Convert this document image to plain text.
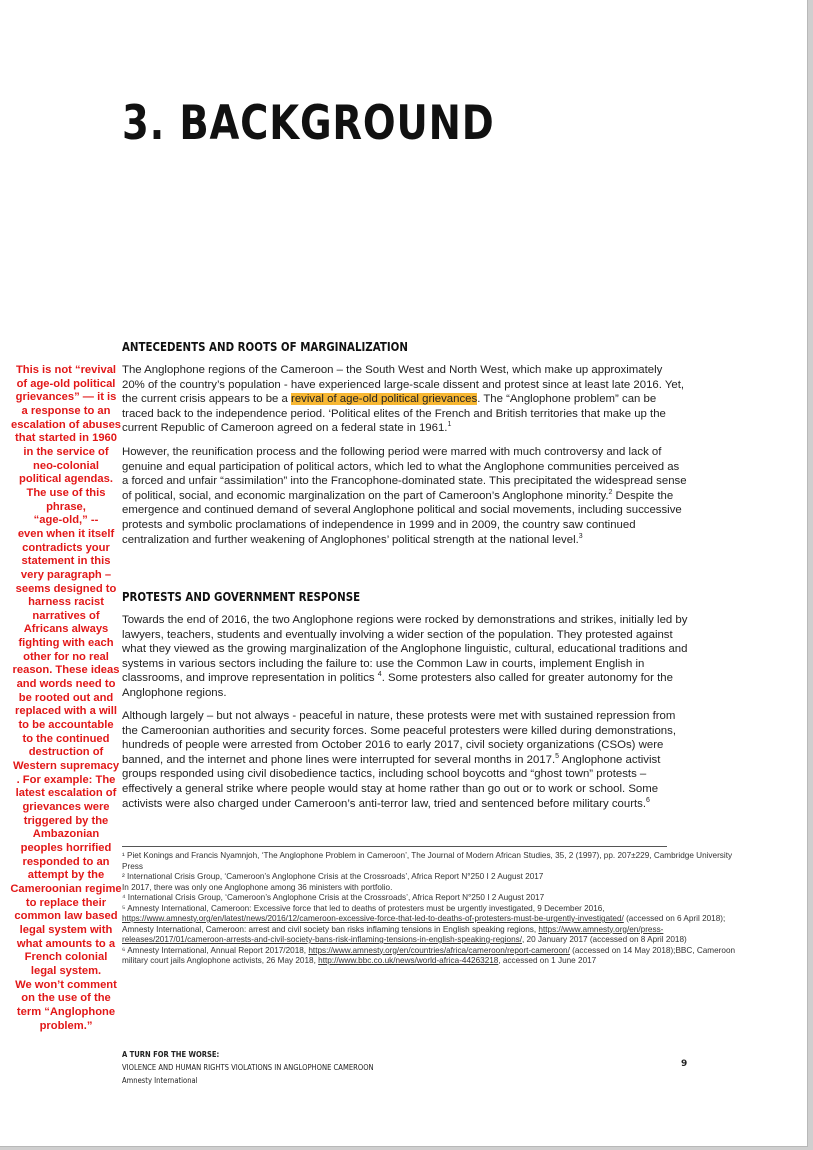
3. BACKGROUND
ANTECEDENTS AND ROOTS OF MARGINALIZATION
The Anglophone regions of the Cameroon – the South West and North West, which make up approximately 20% of the country’s population - have experienced large-scale dissent and protest since at least late 2016. Yet, the current crisis appears to be a revival of age-old political grievances. The “Anglophone problem” can be traced back to the independence period. ‘Political elites of the French and British territories that make up the current Republic of Cameroon agreed on a federal state in 1961.$^1$
However, the reunification process and the following period were marred with much controversy and lack of genuine and equal participation of political actors, which led to what the Anglophone communities perceived as a forced and unfair “assimilation” into the Francophone-dominated state. This precipitated the widespread sense of political, social, and economic marginalization on the part of Cameroon’s Anglophone minority.$^2$ Despite the emergence and continued demand of several Anglophone political and social movements, including successive protests and symbolic proclamations of independence in 1999 and in 2009, the country saw continued centralization and further weakening of Anglophones’ political strength at the national level.$^3$
PROTESTS AND GOVERNMENT RESPONSE
Towards the end of 2016, the two Anglophone regions were rocked by demonstrations and strikes, initially led by lawyers, teachers, students and eventually involving a wider section of the population. They protested against what they viewed as the growing marginalization of the Anglophone linguistic, cultural, educational traditions and systems in various sectors including the failure to: use the Common Law in courts, implement English in classrooms, and improve representation in politics $^4$. Some protesters also called for greater autonomy for the Anglophone regions.
Although largely – but not always - peaceful in nature, these protests were met with sustained repression from the Cameroonian authorities and security forces. Some peaceful protesters were killed during demonstrations, hundreds of people were arrested from October 2016 to early 2017, civil society organizations (CSOs) were banned, and the internet and phone lines were interrupted for several months in 2017.$^5$ Anglophone activist groups responded using civil disobedience tactics, including school boycotts and “ghost town” protests – effectively a general strike where people would stay at home rather than go out or to work or school. Some activists were also charged under Cameroon’s anti-terror law, tried and sentenced before military courts.$^6$

¹ Piet Konings and Francis Nyamnjoh, ‘The Anglophone Problem in Cameroon’, The Journal of Modern African Studies, 35, 2 (1997), pp. 207±229, Cambridge University Press

² International Crisis Group, ‘Cameroon’s Anglophone Crisis at the Crossroads’, Africa Report N°250 I 2 August 2017

In 2017, there was only one Anglophone among 36 ministers with portfolio.

⁴ International Crisis Group, ‘Cameroon’s Anglophone Crisis at the Crossroads’, Africa Report N°250 I 2 August 2017

⁵ Amnesty International, Cameroon: Excessive force that led to deaths of protesters must be urgently investigated, 9 December 2016, https://www.amnesty.org/en/latest/news/2016/12/cameroon-excessive-force-that-led-to-deaths-of-protesters-must-be-urgently-investigated/ (accessed on 6 April 2018); Amnesty International, Cameroon: arrest and civil society ban risks inflaming tensions in English speaking regions, https://www.amnesty.org/en/press-releases/2017/01/cameroon-arrests-and-civil-society-bans-risk-inflaming-tensions-in-english-speaking-regions/, 20 January 2017 (accessed on 8 April 2018)

⁶ Amnesty International, Annual Report 2017/2018, https://www.amnesty.org/en/countries/africa/cameroon/report-cameroon/ (accessed on 14 May 2018);BBC, Cameroon military court jails Anglophone activists, 26 May 2018, http://www.bbc.co.uk/news/world-africa-44263218, accessed on 1 June 2017

A TURN FOR THE WORSE:
VIOLENCE AND HUMAN RIGHTS VIOLATIONS IN ANGLOPHONE CAMEROON
Amnesty International
9
This is not “revival
of age-old political
grievances” — it is
a response to an
escalation of abuses
that started in 1960
in the service of
neo-colonial
political agendas.
The use of this
phrase,
“age-old,” --
even when it itself
contradicts your
statement in this
very paragraph –
seems designed to
harness racist
narratives of
Africans always
fighting with each
other for no real
reason. These ideas
and words need to
be rooted out and
replaced with a will
to be accountable
to the continued
destruction of
Western supremacy
. For example: The
latest escalation of
grievances were
triggered by the
Ambazonian
peoples horrified
responded to an
attempt by the
Cameroonian regime
to replace their
common law based
legal system with
what amounts to a
French colonial
legal system.
We won’t comment
on the use of the
term “Anglophone
problem.”
